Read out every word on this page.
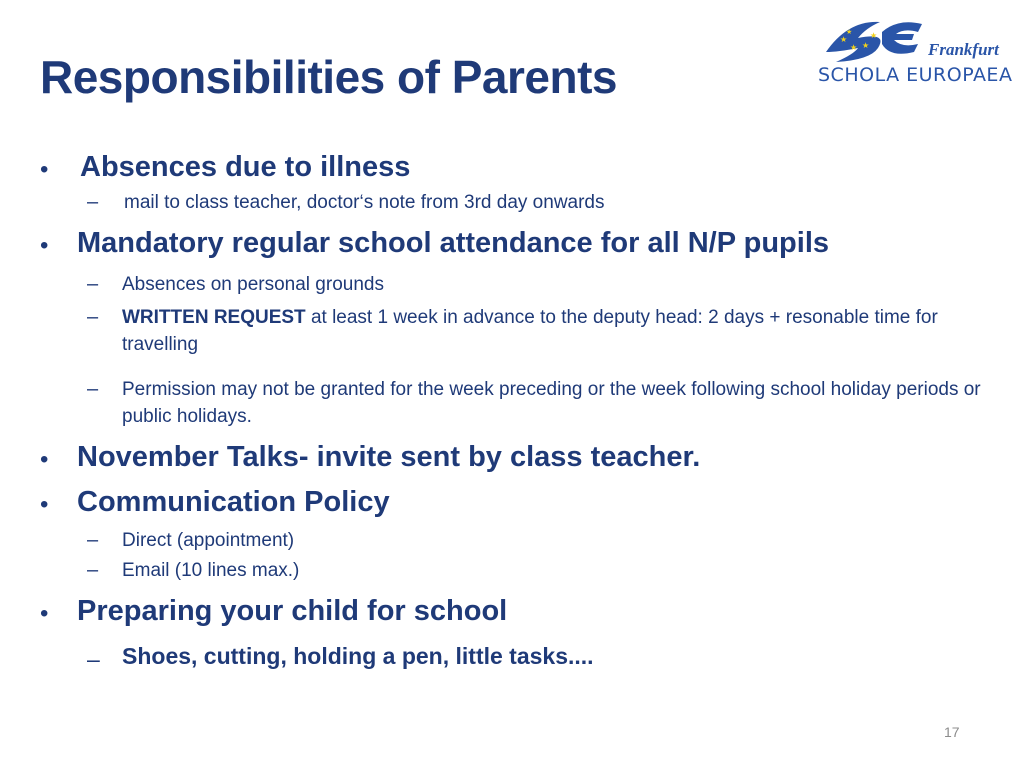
Responsibilities of Parents
★
★ ★
★
★
Frankfurt
SCHOLA EUROPAEA
• Absences due to illness
– mail to class teacher, doctor‘s note from 3rd day onwards

• Mandatory regular school attendance for all N/P pupils
– Absences on personal grounds

– WRITTEN REQUEST at least 1 week in advance to the deputy head: 2 days + resonable time for travelling

– Permission may not be granted for the week preceding or the week following school holiday periods or public holidays.

• November Talks- invite sent by class teacher.
• Communication Policy
– Direct (appointment)

– Email (10 lines max.)

• Preparing your child for school
– Shoes, cutting, holding a pen, little tasks....

17
